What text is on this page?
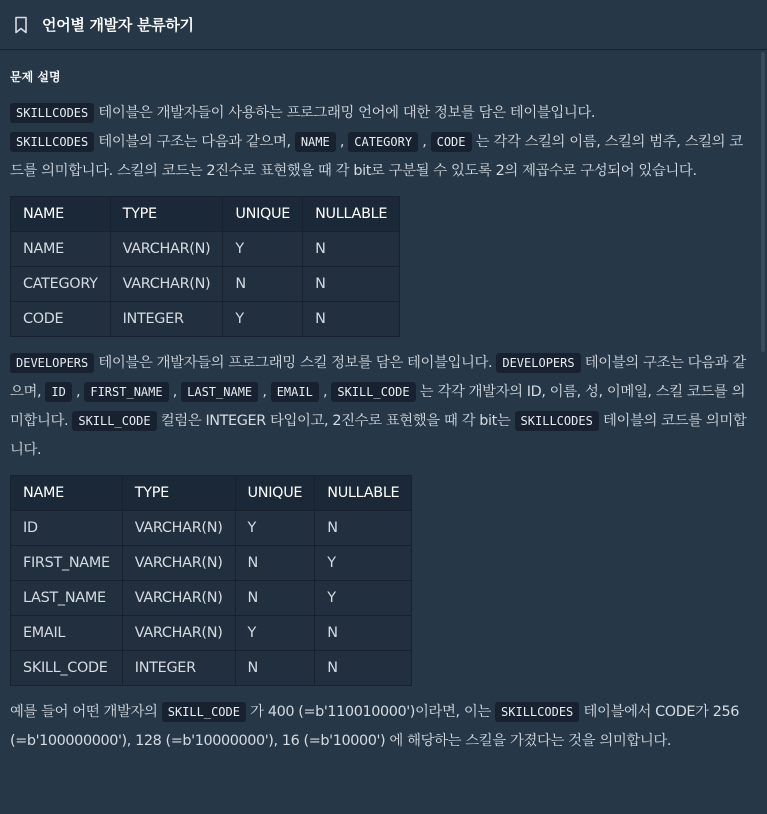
언어별 개발자 분류하기
문제 설명

SKILLCODES 테이블은 개발자들이 사용하는 프로그래밍 언어에 대한 정보를 담은 테이블입니다.
SKILLCODES 테이블의 구조는 다음과 같으며, NAME , CATEGORY , CODE 는 각각 스킬의 이름, 스킬의 범주, 스킬의 코드를 의미합니다. 스킬의 코드는 2진수로 표현했을 때 각 bit로 구분될 수 있도록 2의 제곱수로 구성되어 있습니다.

NAME	TYPE	UNIQUE	NULLABLE
NAME	VARCHAR(N)	Y	N
CATEGORY	VARCHAR(N)	N	N
CODE	INTEGER	Y	N

DEVELOPERS 테이블은 개발자들의 프로그래밍 스킬 정보를 담은 테이블입니다. DEVELOPERS 테이블의 구조는 다음과 같으며, ID , FIRST_NAME , LAST_NAME , EMAIL , SKILL_CODE 는 각각 개발자의 ID, 이름, 성, 이메일, 스킬 코드를 의미합니다. SKILL_CODE 컬럼은 INTEGER 타입이고, 2진수로 표현했을 때 각 bit는 SKILLCODES 테이블의 코드를 의미합니다.

NAME	TYPE	UNIQUE	NULLABLE
ID	VARCHAR(N)	Y	N
FIRST_NAME	VARCHAR(N)	N	Y
LAST_NAME	VARCHAR(N)	N	Y
EMAIL	VARCHAR(N)	Y	N
SKILL_CODE	INTEGER	N	N

예를 들어 어떤 개발자의 SKILL_CODE 가 400 (=b'110010000')이라면, 이는 SKILLCODES 테이블에서 CODE가 256 (=b'100000000'), 128 (=b'10000000'), 16 (=b'10000') 에 해당하는 스킬을 가졌다는 것을 의미합니다.
